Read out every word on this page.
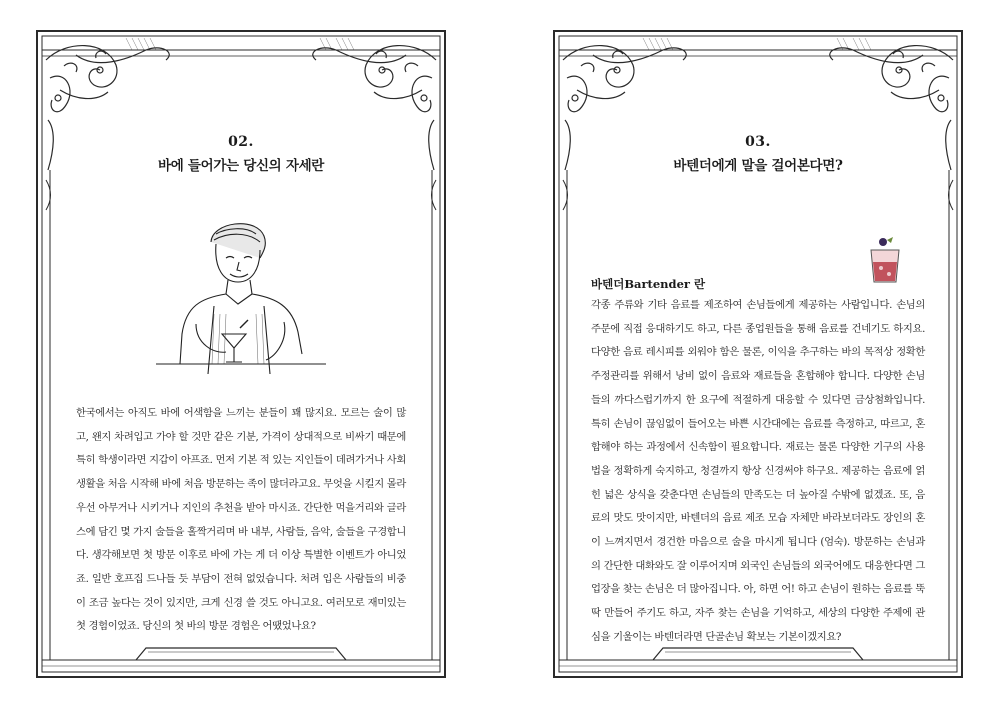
02.
바에 들어가는 당신의 자세란
한국에서는 아직도 바에 어색함을 느끼는 분들이 꽤 많지요. 모르는 술이 많고, 왠지 차려입고 가야 할 것만 같은 기분, 가격이 상대적으로 비싸기 때문에 특히 학생이라면 지갑이 아프죠. 먼저 기본 적 있는 지인들이 데려가거나 사회생활을 처음 시작해 바에 처음 방문하는 족이 많더라고요. 무엇을 시킬지 몰라 우선 아무거나 시키거나 지인의 추천을 받아 마시죠. 간단한 먹을거리와 글라스에 담긴 몇 가지 술들을 홀짝거리며 바 내부, 사람들, 음악, 술들을 구경합니다. 생각해보면 첫 방문 이후로 바에 가는 게 더 이상 특별한 이벤트가 아니었죠. 일반 호프집 드나들 듯 부담이 전혀 없었습니다. 처려 입은 사람들의 비중이 조금 높다는 것이 있지만, 크게 신경 쓸 것도 아니고요. 여러모로 재미있는 첫 경험이었죠. 당신의 첫 바의 방문 경험은 어땠었나요?
03.
바텐더에게 말을 걸어본다면?
바텐더Bartender 란
각종 주류와 기타 음료를 제조하여 손님들에게 제공하는 사람입니다. 손님의 주문에 직접 응대하기도 하고, 다른 종업원들을 통해 음료를 건네기도 하지요. 다양한 음료 레시피를 외워야 함은 물론, 이익을 추구하는 바의 목적상 정확한 주정관리를 위해서 낭비 없이 음료와 재료들을 혼합해야 합니다. 다양한 손님들의 까다스럽기까지 한 요구에 적절하게 대응할 수 있다면 금상첨화입니다. 특히 손님이 끊임없이 들어오는 바쁜 시간대에는 음료를 측정하고, 따르고, 혼합해야 하는 과정에서 신속함이 필요합니다. 재료는 물론 다양한 기구의 사용법을 정확하게 숙지하고, 청결까지 항상 신경써야 하구요. 제공하는 음료에 얽힌 넓은 상식을 갖춘다면 손님들의 만족도는 더 높아질 수밖에 없겠죠. 또, 음료의 맛도 맛이지만, 바텐더의 음료 제조 모습 자체만 바라보더라도 장인의 혼이 느껴지면서 경건한 마음으로 술을 마시게 됩니다 (엄숙). 방문하는 손님과의 간단한 대화와도 잘 이루어지며 외국인 손님들의 외국어에도 대응한다면 그 업장을 찾는 손님은 더 많아집니다. 아, 하면 어! 하고 손님이 원하는 음료를 뚝딱 만들어 주기도 하고, 자주 찾는 손님을 기억하고, 세상의 다양한 주제에 관심을 기울이는 바텐더라면 단골손님 확보는 기본이겠지요?
